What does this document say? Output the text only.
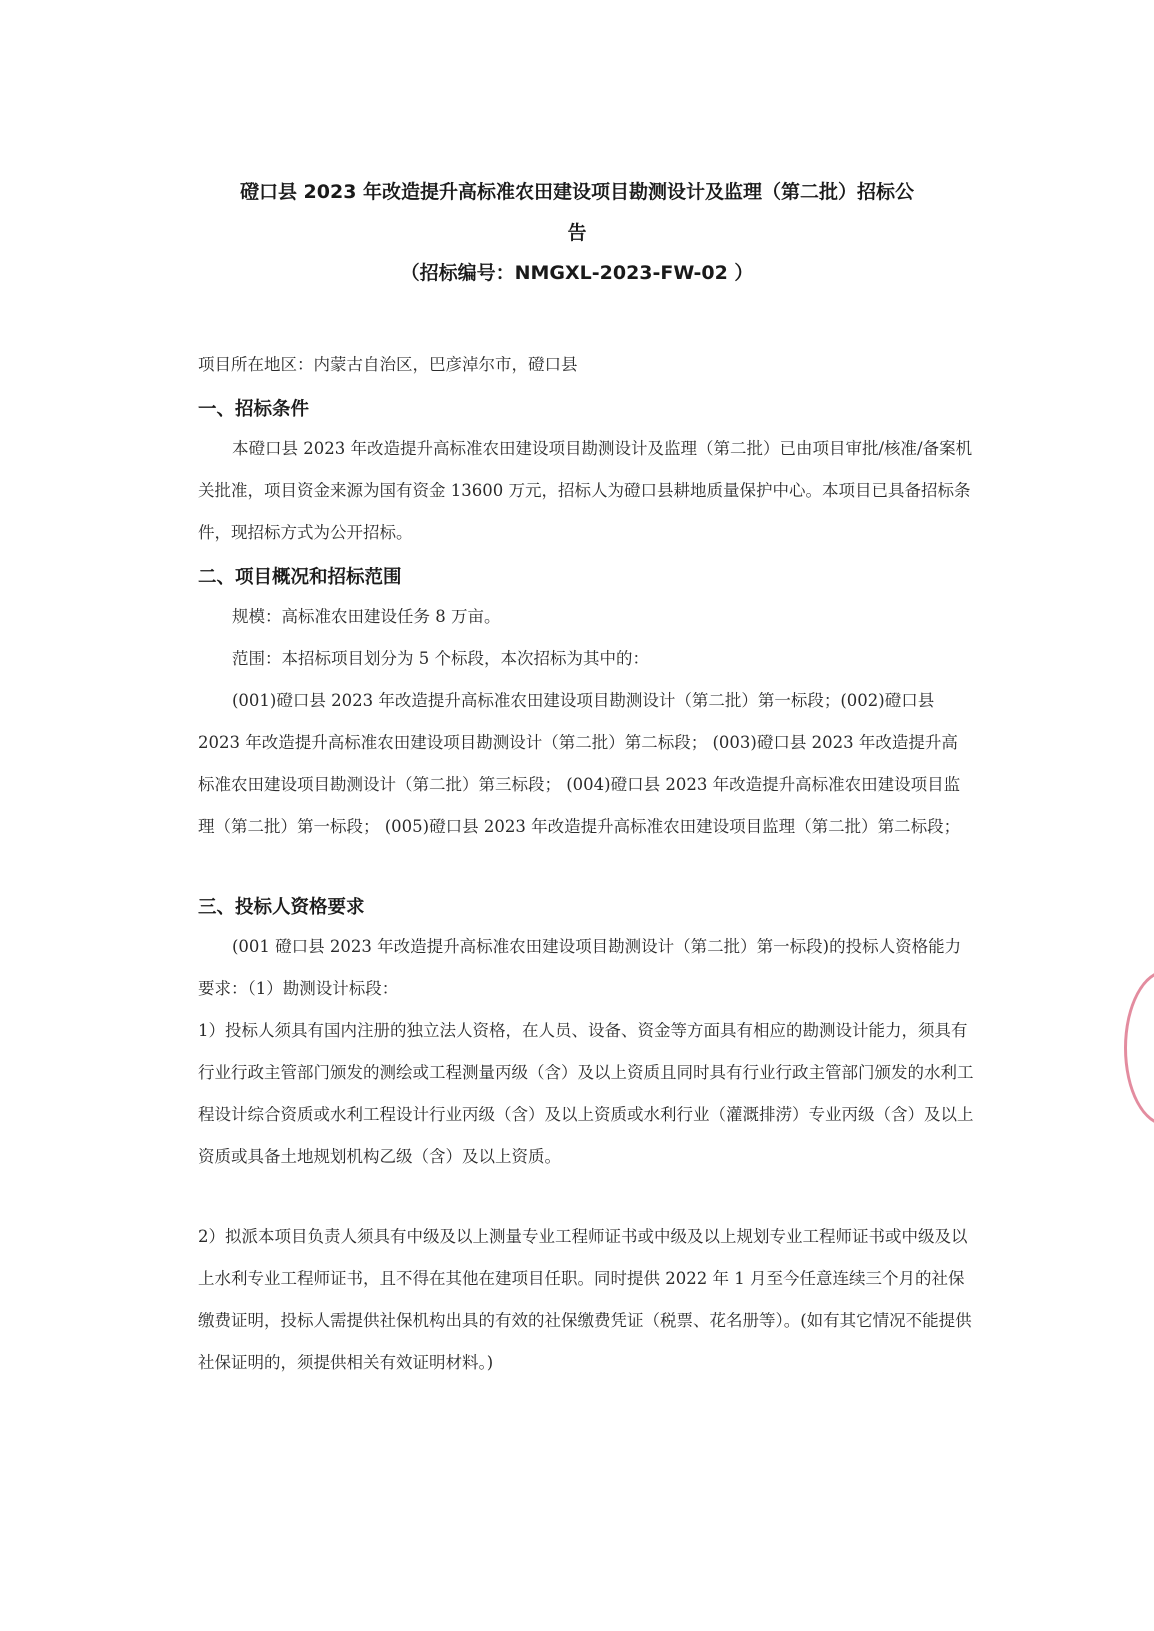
磴口县 2023 年改造提升高标准农田建设项目勘测设计及监理（第二批）招标公
告
（招标编号：NMGXL-2023-FW-02 ）
项目所在地区：内蒙古自治区，巴彦淖尔市，磴口县
一、招标条件
本磴口县 2023 年改造提升高标准农田建设项目勘测设计及监理（第二批）已由项目审批/核准/备案机关批准，项目资金来源为国有资金 13600 万元，招标人为磴口县耕地质量保护中心。本项目已具备招标条件，现招标方式为公开招标。
二、项目概况和招标范围
规模：高标准农田建设任务 8 万亩。
范围：本招标项目划分为 5 个标段，本次招标为其中的：
(001)磴口县 2023 年改造提升高标准农田建设项目勘测设计（第二批）第一标段；(002)磴口县 2023 年改造提升高标准农田建设项目勘测设计（第二批）第二标段； (003)磴口县 2023 年改造提升高标准农田建设项目勘测设计（第二批）第三标段； (004)磴口县 2023 年改造提升高标准农田建设项目监理（第二批）第一标段； (005)磴口县 2023 年改造提升高标准农田建设项目监理（第二批）第二标段；
三、投标人资格要求
(001 磴口县 2023 年改造提升高标准农田建设项目勘测设计（第二批）第一标段)的投标人资格能力要求：（1）勘测设计标段：
1）投标人须具有国内注册的独立法人资格，在人员、设备、资金等方面具有相应的勘测设计能力，须具有行业行政主管部门颁发的测绘或工程测量丙级（含）及以上资质且同时具有行业行政主管部门颁发的水利工程设计综合资质或水利工程设计行业丙级（含）及以上资质或水利行业（灌溉排涝）专业丙级（含）及以上资质或具备土地规划机构乙级（含）及以上资质。
2）拟派本项目负责人须具有中级及以上测量专业工程师证书或中级及以上规划专业工程师证书或中级及以上水利专业工程师证书，且不得在其他在建项目任职。同时提供 2022 年 1 月至今任意连续三个月的社保缴费证明，投标人需提供社保机构出具的有效的社保缴费凭证（税票、花名册等）。(如有其它情况不能提供社保证明的，须提供相关有效证明材料。)
